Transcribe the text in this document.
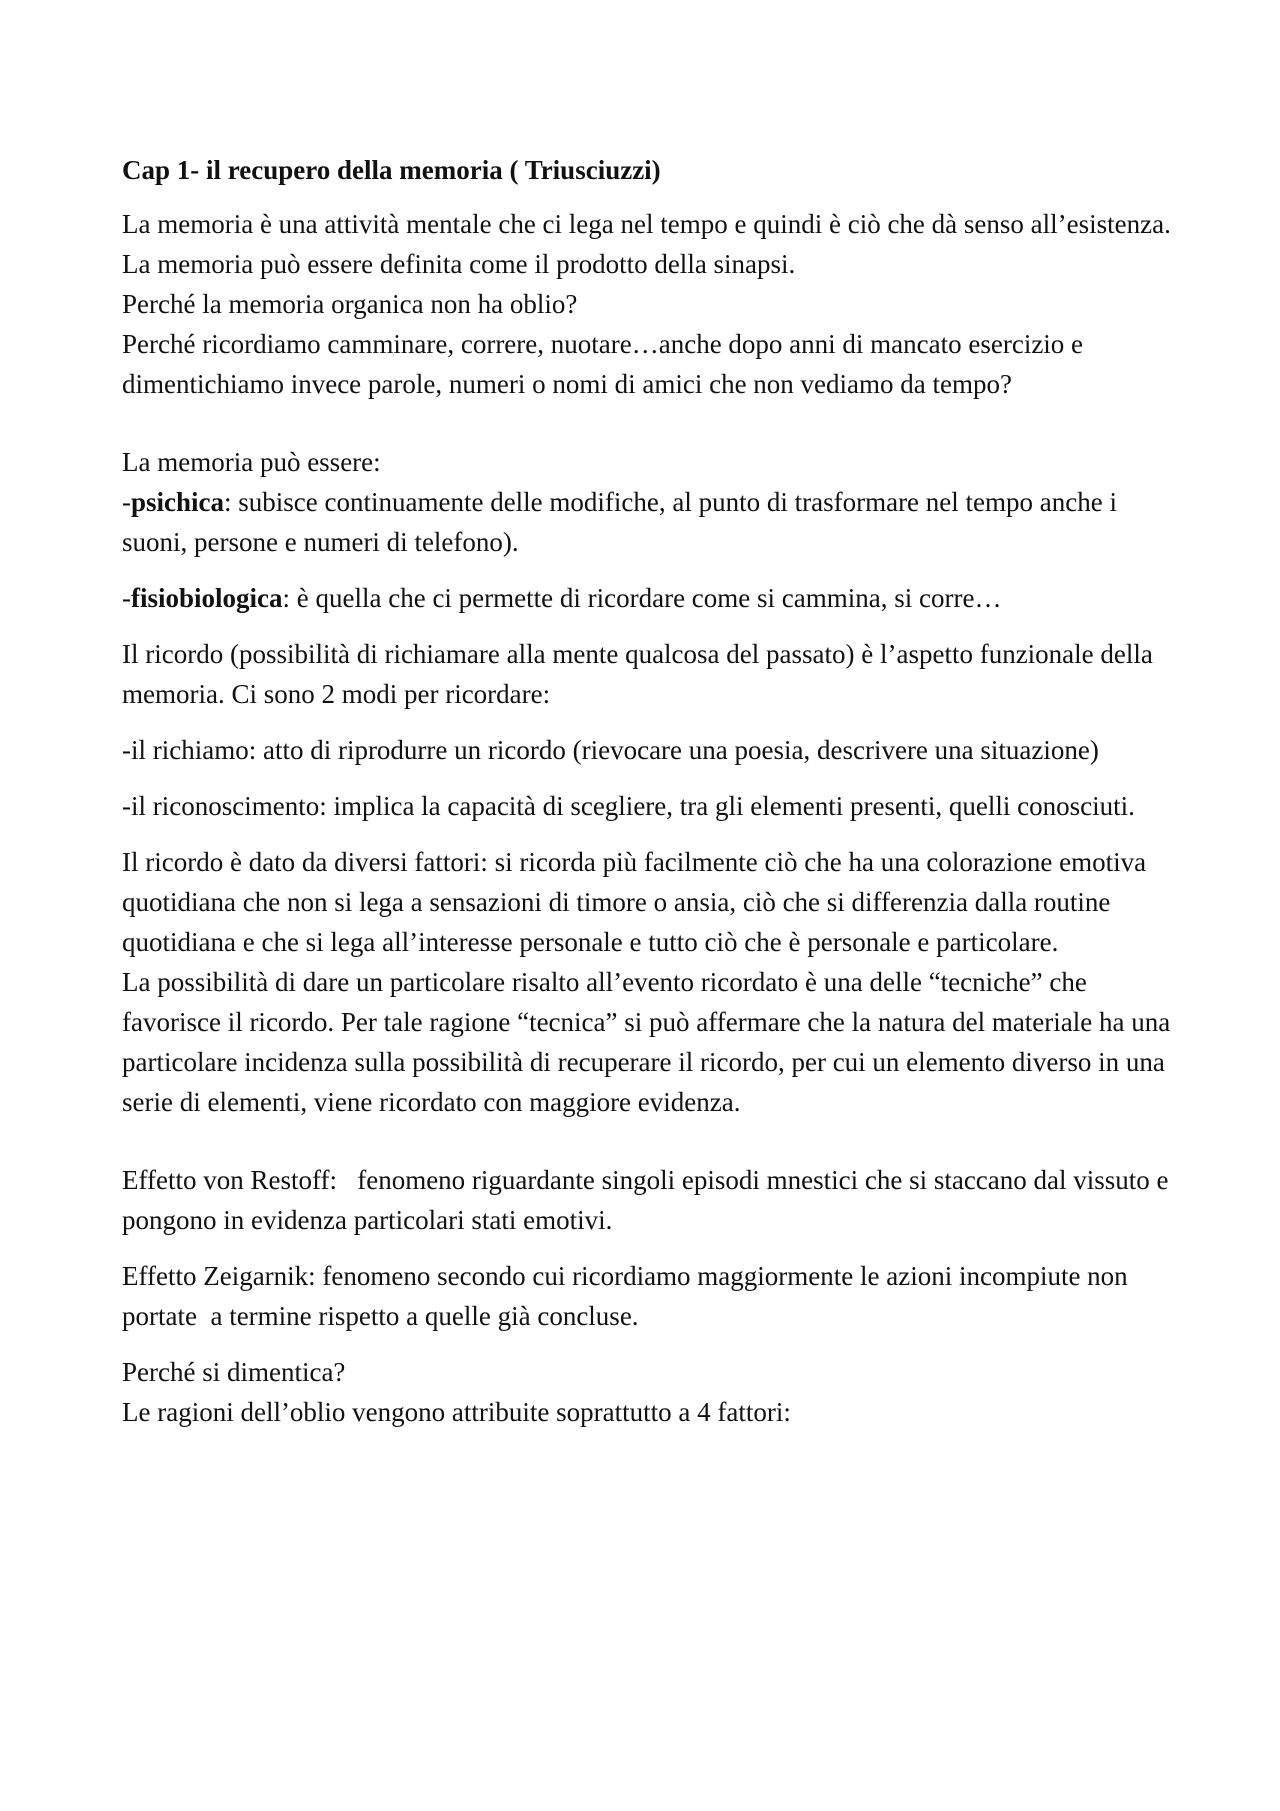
Cap 1- il recupero della memoria ( Triusciuzzi)

La memoria è una attività mentale che ci lega nel tempo e quindi è ciò che dà senso all’esistenza.

La memoria può essere definita come il prodotto della sinapsi.

Perché la memoria organica non ha oblio?

Perché ricordiamo camminare, correre, nuotare…anche dopo anni di mancato esercizio e dimentichiamo invece parole, numeri o nomi di amici che non vediamo da tempo?

La memoria può essere:

-psichica: subisce continuamente delle modifiche, al punto di trasformare nel tempo anche i suoni, persone e numeri di telefono).

-fisiobiologica: è quella che ci permette di ricordare come si cammina, si corre…

Il ricordo (possibilità di richiamare alla mente qualcosa del passato) è l’aspetto funzionale della memoria. Ci sono 2 modi per ricordare:

-il richiamo: atto di riprodurre un ricordo (rievocare una poesia, descrivere una situazione)

-il riconoscimento: implica la capacità di scegliere, tra gli elementi presenti, quelli conosciuti.

Il ricordo è dato da diversi fattori: si ricorda più facilmente ciò che ha una colorazione emotiva quotidiana che non si lega a sensazioni di timore o ansia, ciò che si differenzia dalla routine quotidiana e che si lega all’interesse personale e tutto ciò che è personale e particolare.

La possibilità di dare un particolare risalto all’evento ricordato è una delle “tecniche” che favorisce il ricordo. Per tale ragione “tecnica” si può affermare che la natura del materiale ha una particolare incidenza sulla possibilità di recuperare il ricordo, per cui un elemento diverso in una serie di elementi, viene ricordato con maggiore evidenza.

Effetto von Restoff:   fenomeno riguardante singoli episodi mnestici che si staccano dal vissuto e pongono in evidenza particolari stati emotivi.

Effetto Zeigarnik: fenomeno secondo cui ricordiamo maggiormente le azioni incompiute non portate  a termine rispetto a quelle già concluse.

Perché si dimentica?

Le ragioni dell’oblio vengono attribuite soprattutto a 4 fattori:
